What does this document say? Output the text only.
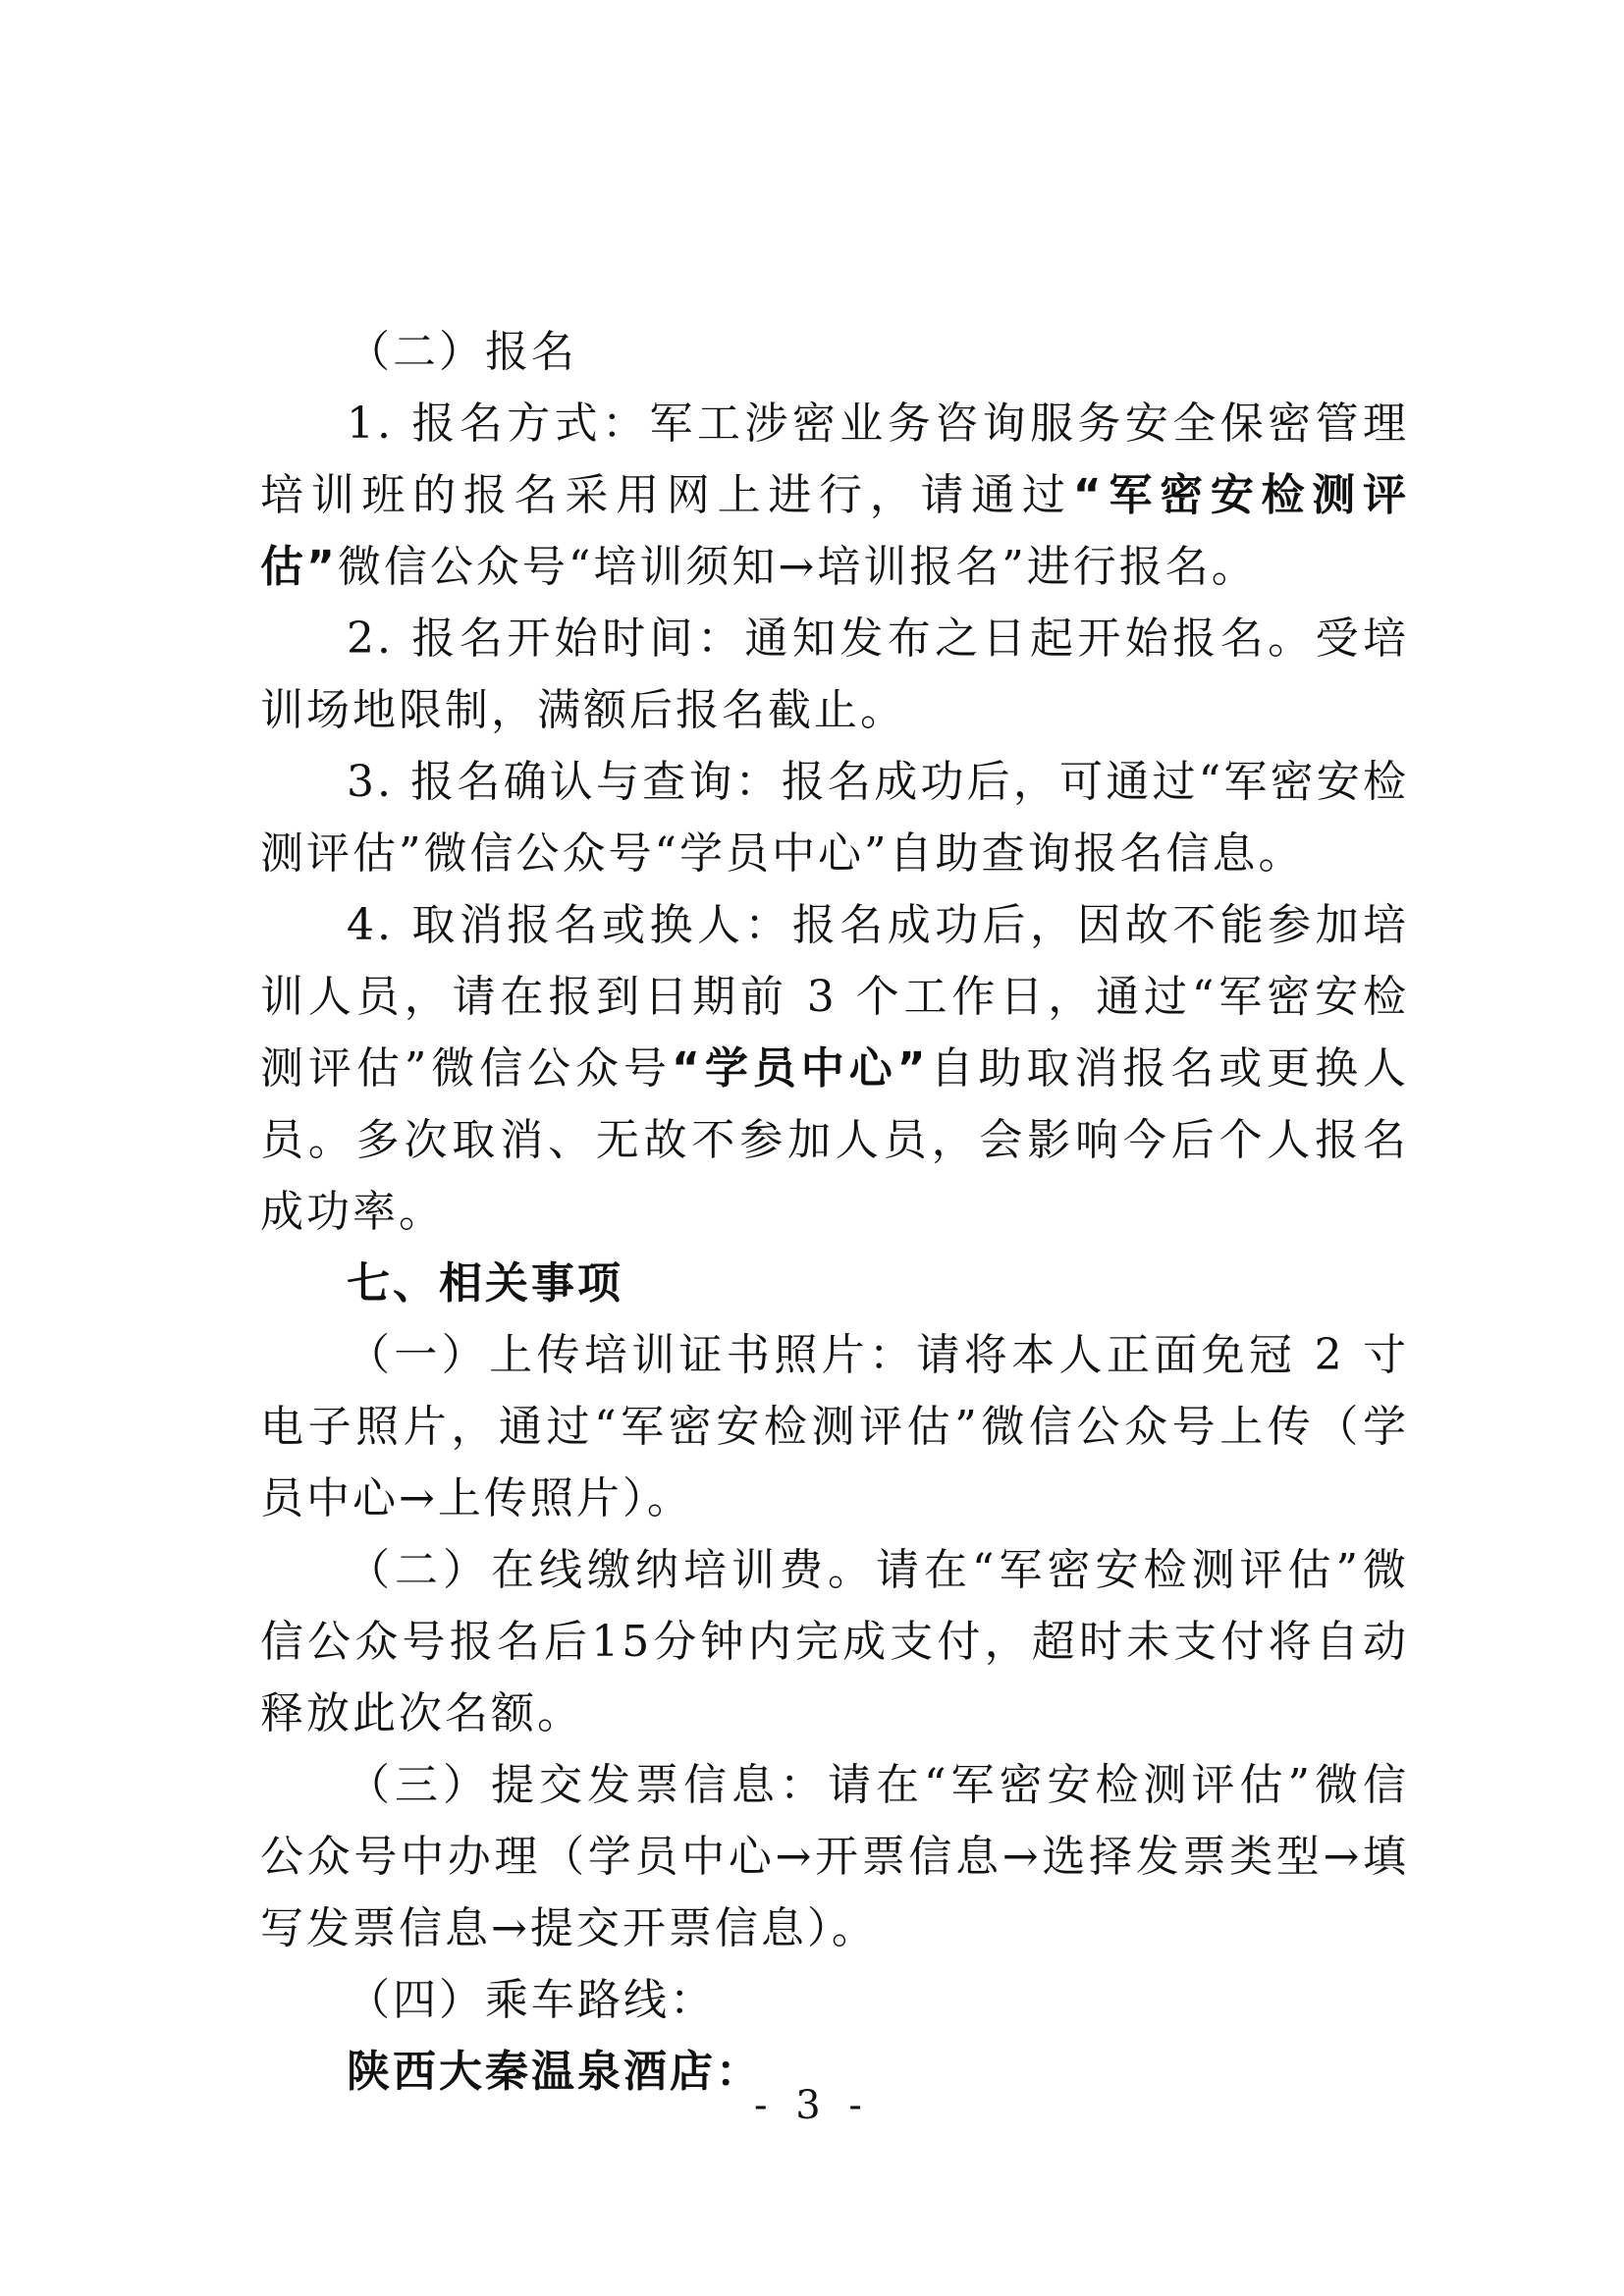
（二）报名

1. 报名方式：军工涉密业务咨询服务安全保密管理培训班的报名采用网上进行，请通过“军密安检测评估”微信公众号“培训须知→培训报名”进行报名。

2. 报名开始时间：通知发布之日起开始报名。受培训场地限制，满额后报名截止。

3. 报名确认与查询：报名成功后，可通过“军密安检测评估”微信公众号“学员中心”自助查询报名信息。

4. 取消报名或换人：报名成功后，因故不能参加培训人员，请在报到日期前 3 个工作日，通过“军密安检测评估”微信公众号“学员中心”自助取消报名或更换人员。多次取消、无故不参加人员，会影响今后个人报名成功率。

七、相关事项

（一）上传培训证书照片：请将本人正面免冠 2 寸电子照片，通过“军密安检测评估”微信公众号上传（学员中心→上传照片）。

（二）在线缴纳培训费。请在“军密安检测评估”微信公众号报名后15分钟内完成支付，超时未支付将自动释放此次名额。

（三）提交发票信息：请在“军密安检测评估”微信公众号中办理（学员中心→开票信息→选择发票类型→填写发票信息→提交开票信息）。

（四）乘车路线：

陕西大秦温泉酒店：

- 3 -
